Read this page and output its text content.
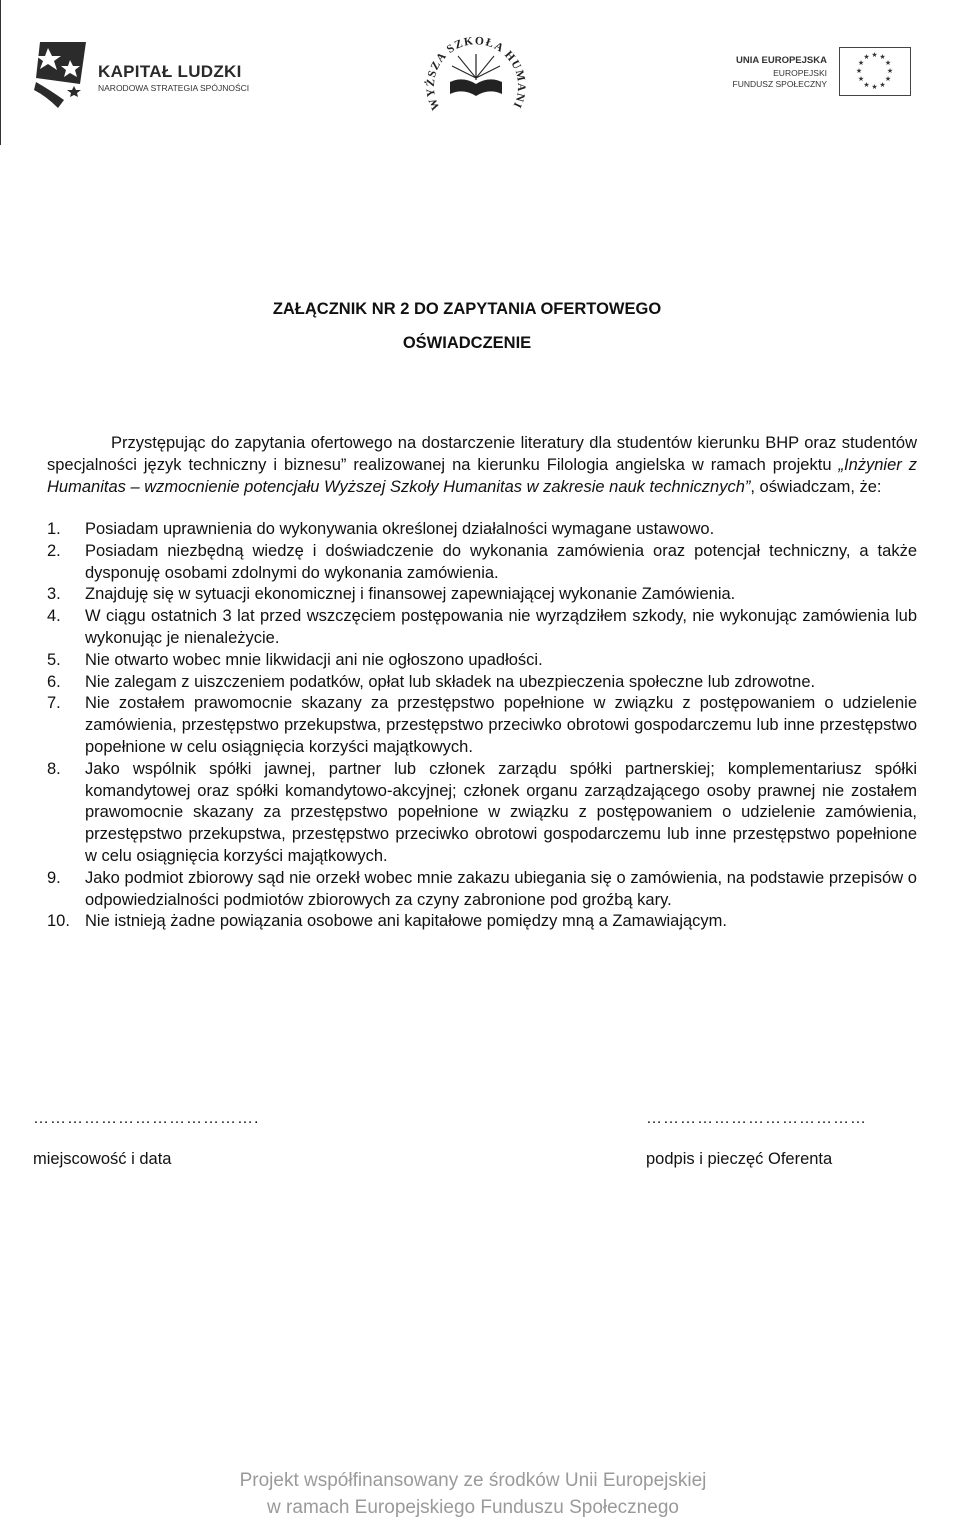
KAPITAŁ LUDZKI
NARODOWA STRATEGIA SPÓJNOŚCI
WYŻSZA SZKOŁA HUMANI
UNIA EUROPEJSKA
EUROPEJSKI
FUNDUSZ SPOŁECZNY
★ ★
★
★
★
★
★
★
★
★
★
★
ZAŁĄCZNIK NR 2 DO ZAPYTANIA OFERTOWEGO
OŚWIADCZENIE
Przystępując do zapytania ofertowego na dostarczenie literatury dla studentów kierunku BHP oraz studentów specjalności język techniczny i biznesu” realizowanej na kierunku Filologia angielska w ramach projektu „Inżynier z Humanitas – wzmocnienie potencjału Wyższej Szkoły Humanitas w zakresie nauk technicznych”, oświadczam, że:
1.	Posiadam uprawnienia do wykonywania określonej działalności wymagane ustawowo.
2.	Posiadam niezbędną wiedzę i doświadczenie do wykonania zamówienia oraz potencjał techniczny, a także dysponuję osobami zdolnymi do wykonania zamówienia.
3.	Znajduję się w sytuacji ekonomicznej i finansowej zapewniającej wykonanie Zamówienia.
4.	W ciągu ostatnich 3 lat przed wszczęciem postępowania nie wyrządziłem szkody, nie wykonując zamówienia lub wykonując je nienależycie.
5.	Nie otwarto wobec mnie likwidacji ani nie ogłoszono upadłości.
6.	Nie zalegam z uiszczeniem podatków, opłat lub składek na ubezpieczenia społeczne lub zdrowotne.
7.	Nie zostałem prawomocnie skazany za przestępstwo popełnione w związku z postępowaniem o udzielenie zamówienia, przestępstwo przekupstwa, przestępstwo przeciwko obrotowi gospodarczemu lub inne przestępstwo popełnione w celu osiągnięcia korzyści majątkowych.
8.	Jako wspólnik spółki jawnej, partner lub członek zarządu spółki partnerskiej; komplementariusz spółki komandytowej oraz spółki komandytowo-akcyjnej; członek organu zarządzającego osoby prawnej nie zostałem prawomocnie skazany za przestępstwo popełnione w związku z postępowaniem o udzielenie zamówienia, przestępstwo przekupstwa, przestępstwo przeciwko obrotowi gospodarczemu lub inne przestępstwo popełnione w celu osiągnięcia korzyści majątkowych.
9.	Jako podmiot zbiorowy sąd nie orzekł wobec mnie zakazu ubiegania się o zamówienia, na podstawie przepisów o odpowiedzialności podmiotów zbiorowych za czyny zabronione pod groźbą kary.
10. Nie istnieją żadne powiązania osobowe ani kapitałowe pomiędzy mną a Zamawiającym.
………………………………….	…………………………………
miejscowość i data	podpis i pieczęć Oferenta
Projekt współfinansowany ze środków Unii Europejskiej
w ramach Europejskiego Funduszu Społecznego
